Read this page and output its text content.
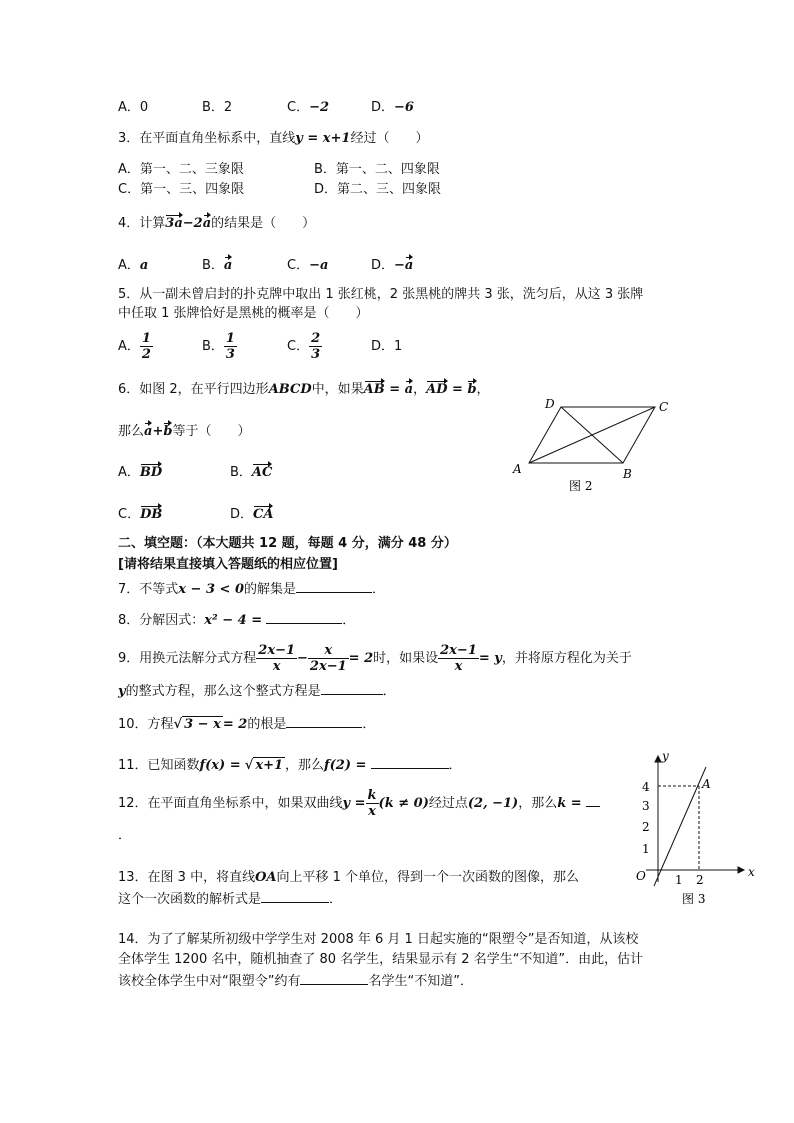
A．0	B．2	C．−2	D．−6
3．在平面直角坐标系中，直线y = x+1经过（　　）
A．第一、二、三象限	B．第一、二、四象限
C．第一、三、四象限	D．第二、三、四象限
4．计算3a−2a的结果是（　　）
A．a	B．a	C．−a	D．−a
5．从一副未曾启封的扑克牌中取出 1 张红桃，2 张黑桃的牌共 3 张，洗匀后，从这 3 张牌
中任取 1 张牌恰好是黑桃的概率是（　　）
A． $\frac{1}{2}$	B． $\frac{1}{3}$	C． $\frac{2}{3}$	D．1
6．如图 2，在平行四边形ABCD中，如果AB = a，AD = b，
那么a+b等于（　　）
A．BD	B．AC
C．DB	D．CA
A	B
C
D
图 2
二、填空题：（本大题共 12 题，每题 4 分，满分 48 分）
[请将结果直接填入答题纸的相应位置]
7．不等式x − 3 < 0的解集是	．
8．分解因式：x² − 4 =	．
9．用换元法解分式方程 $\frac{2x-1}{x} - \frac{x}{2x-1} = 2$时，如果设 $\frac{2x-1}{x} = y$，并将原方程化为关于
y的整式方程，那么这个整式方程是	．
10．方程√ 3 − x = 2的根是	．
11．已知函数f(x) = √ x+1 ，那么f(2) =	．
12．在平面直角坐标系中，如果双曲线$y = \frac{k}{x} (k \ne 0)$经过点(2, −1)，那么k =
．
13．在图 3 中，将直线OA向上平移 1 个单位，得到一个一次函数的图像，那么
这个一次函数的解析式是	．
x
y
O
A
1 2
1
2
3
4
图 3
14．为了了解某所初级中学学生对 2008 年 6 月 1 日起实施的“限塑令”是否知道，从该校
全体学生 1200 名中，随机抽查了 80 名学生，结果显示有 2 名学生“不知道”．由此，估计
该校全体学生中对“限塑令”约有	名学生“不知道”．
